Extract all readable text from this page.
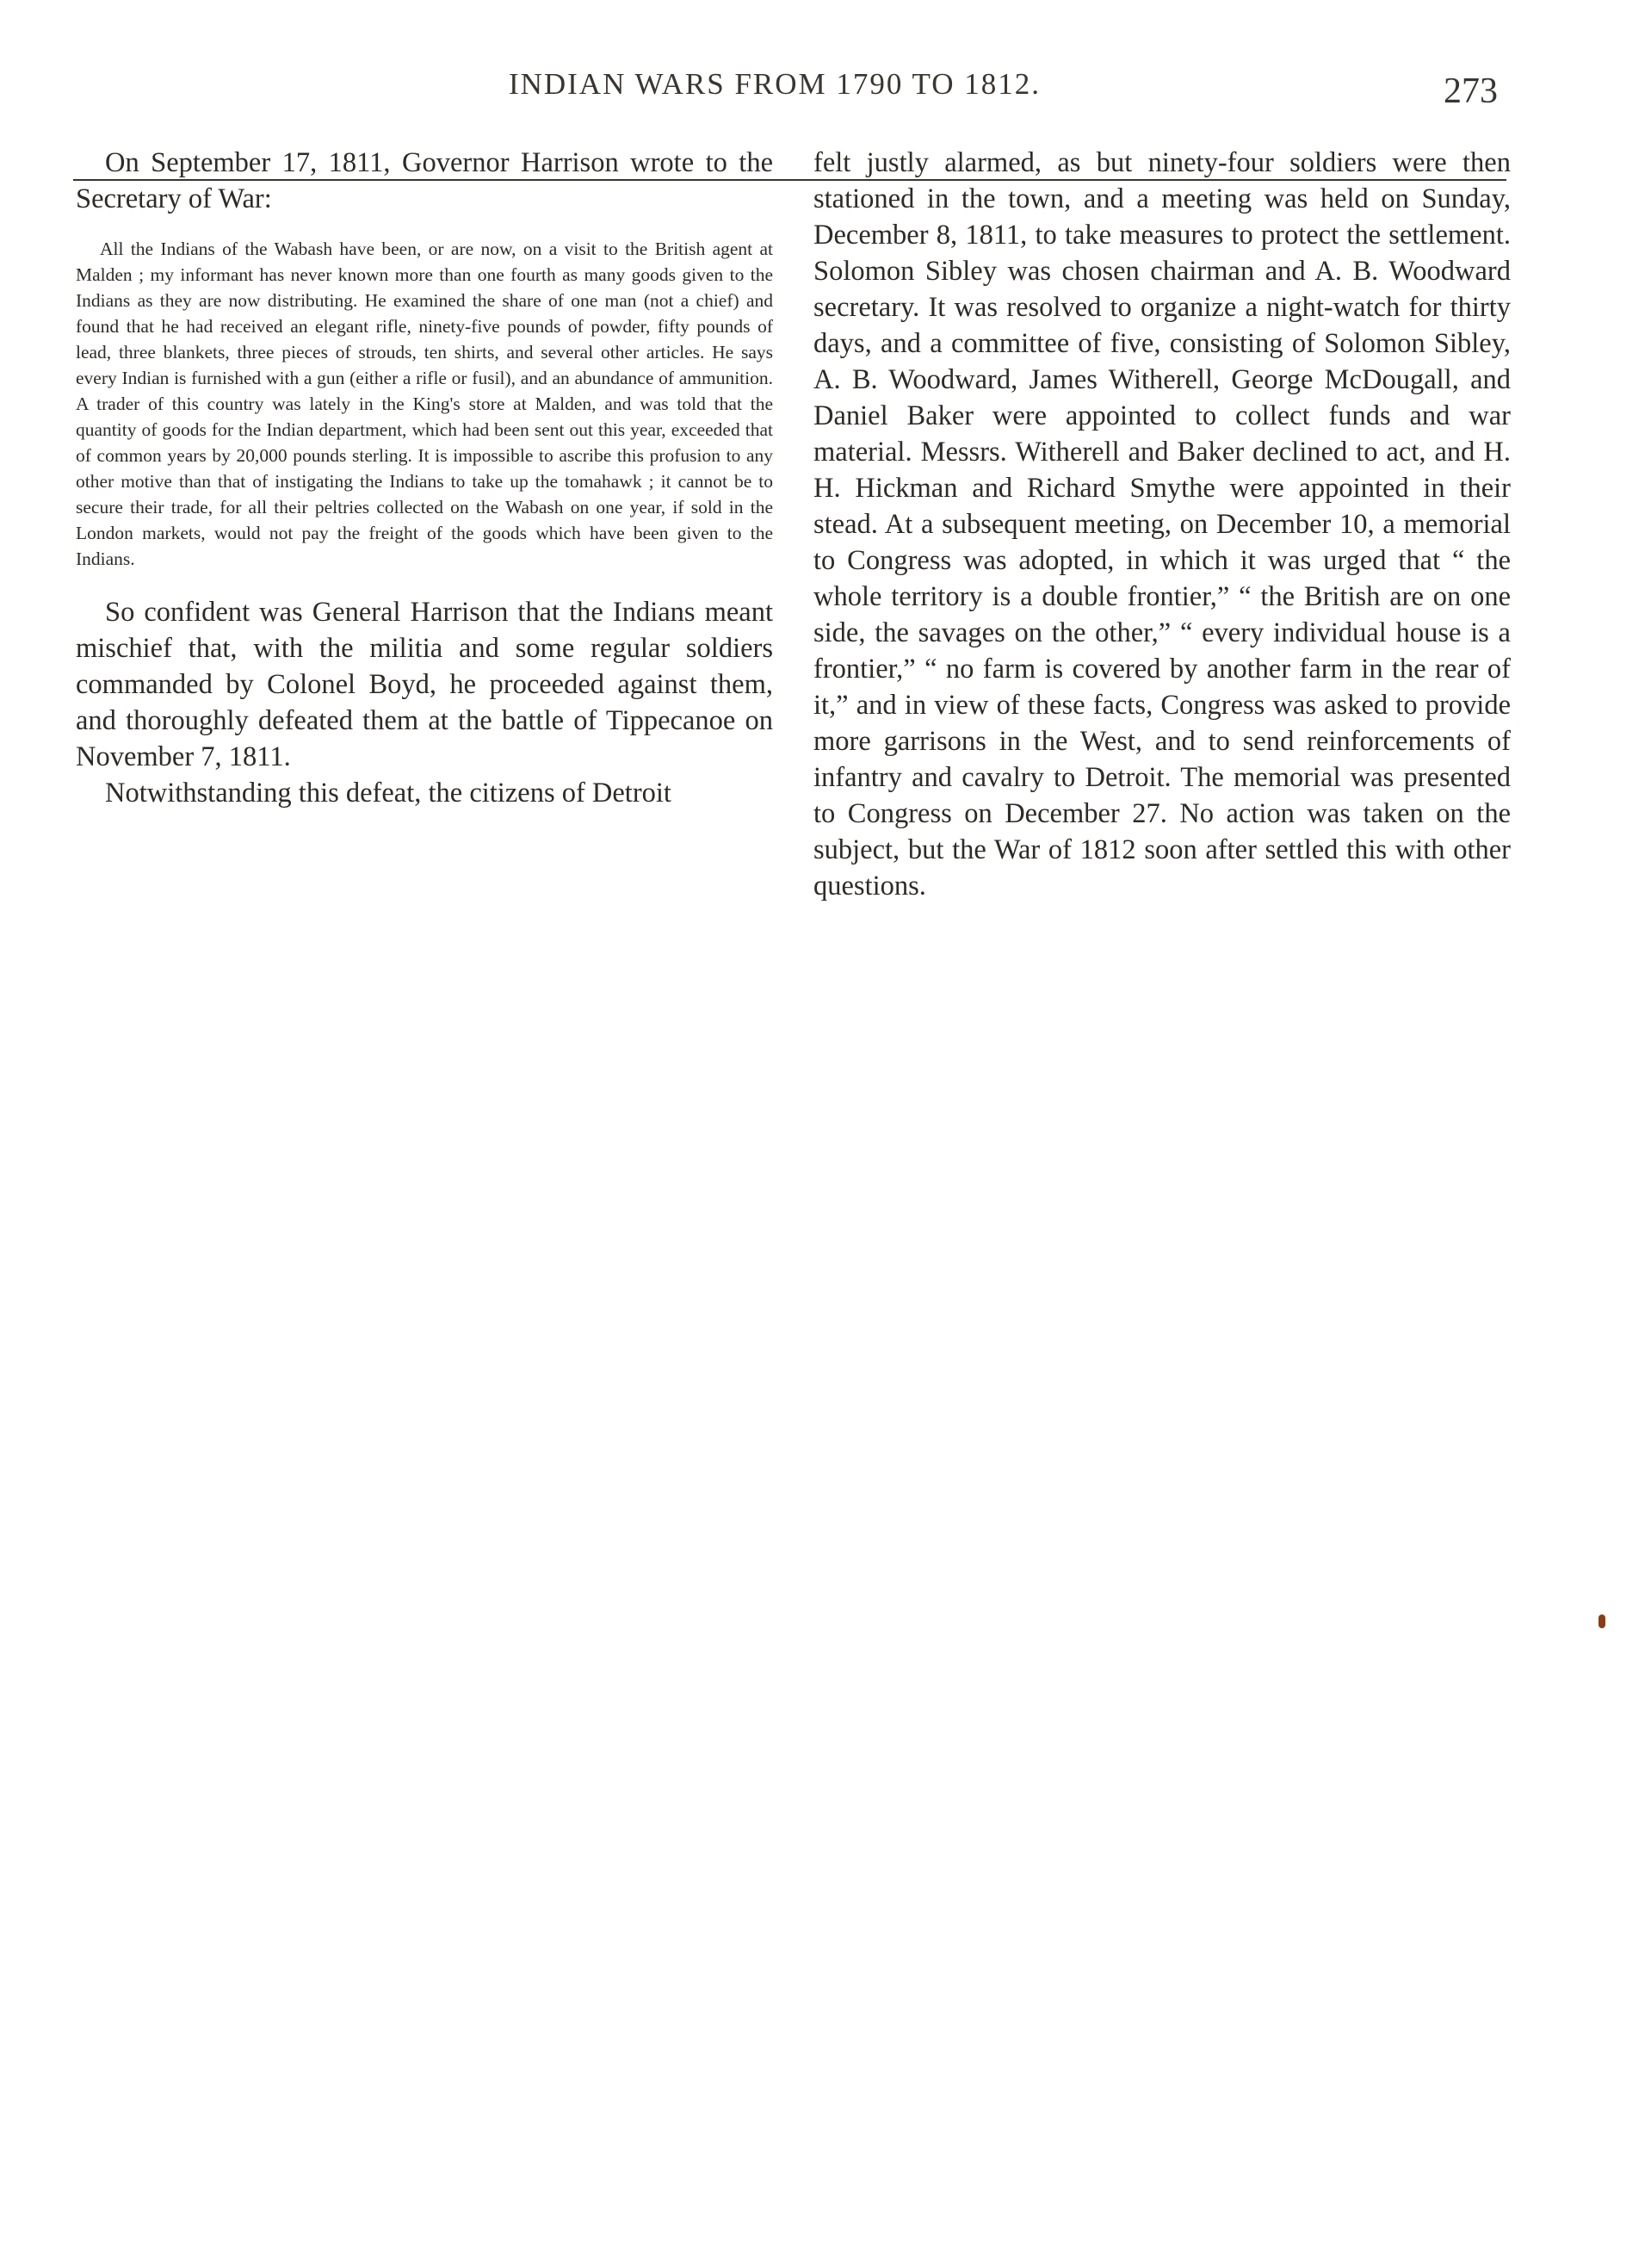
INDIAN WARS FROM 1790 TO 1812.	273

On September 17, 1811, Governor Harrison wrote to the Secretary of War:

All the Indians of the Wabash have been, or are now, on a visit to the British agent at Malden ; my informant has never known more than one fourth as many goods given to the Indians as they are now distributing. He examined the share of one man (not a chief) and found that he had received an elegant rifle, ninety-five pounds of powder, fifty pounds of lead, three blankets, three pieces of strouds, ten shirts, and several other articles. He says every Indian is furnished with a gun (either a rifle or fusil), and an abundance of ammunition. A trader of this country was lately in the King's store at Malden, and was told that the quantity of goods for the Indian department, which had been sent out this year, exceeded that of common years by 20,000 pounds sterling. It is impossible to ascribe this profusion to any other motive than that of instigating the Indians to take up the tomahawk ; it cannot be to secure their trade, for all their peltries collected on the Wabash on one year, if sold in the London markets, would not pay the freight of the goods which have been given to the Indians.

So confident was General Harrison that the Indians meant mischief that, with the militia and some regular soldiers commanded by Colonel Boyd, he proceeded against them, and thoroughly defeated them at the battle of Tippecanoe on November 7, 1811.

Notwithstanding this defeat, the citizens of Detroit

felt justly alarmed, as but ninety-four soldiers were then stationed in the town, and a meeting was held on Sunday, December 8, 1811, to take measures to protect the settlement. Solomon Sibley was chosen chairman and A. B. Woodward secretary. It was resolved to organize a night-watch for thirty days, and a committee of five, consisting of Solomon Sibley, A. B. Woodward, James Witherell, George McDougall, and Daniel Baker were appointed to collect funds and war material. Messrs. Witherell and Baker declined to act, and H. H. Hickman and Richard Smythe were appointed in their stead. At a subsequent meeting, on December 10, a memorial to Congress was adopted, in which it was urged that “ the whole territory is a double frontier,” “ the British are on one side, the savages on the other,” “ every individual house is a frontier,” “ no farm is covered by another farm in the rear of it,” and in view of these facts, Congress was asked to provide more garrisons in the West, and to send reinforcements of infantry and cavalry to Detroit. The memorial was presented to Congress on December 27. No action was taken on the subject, but the War of 1812 soon after settled this with other questions.
